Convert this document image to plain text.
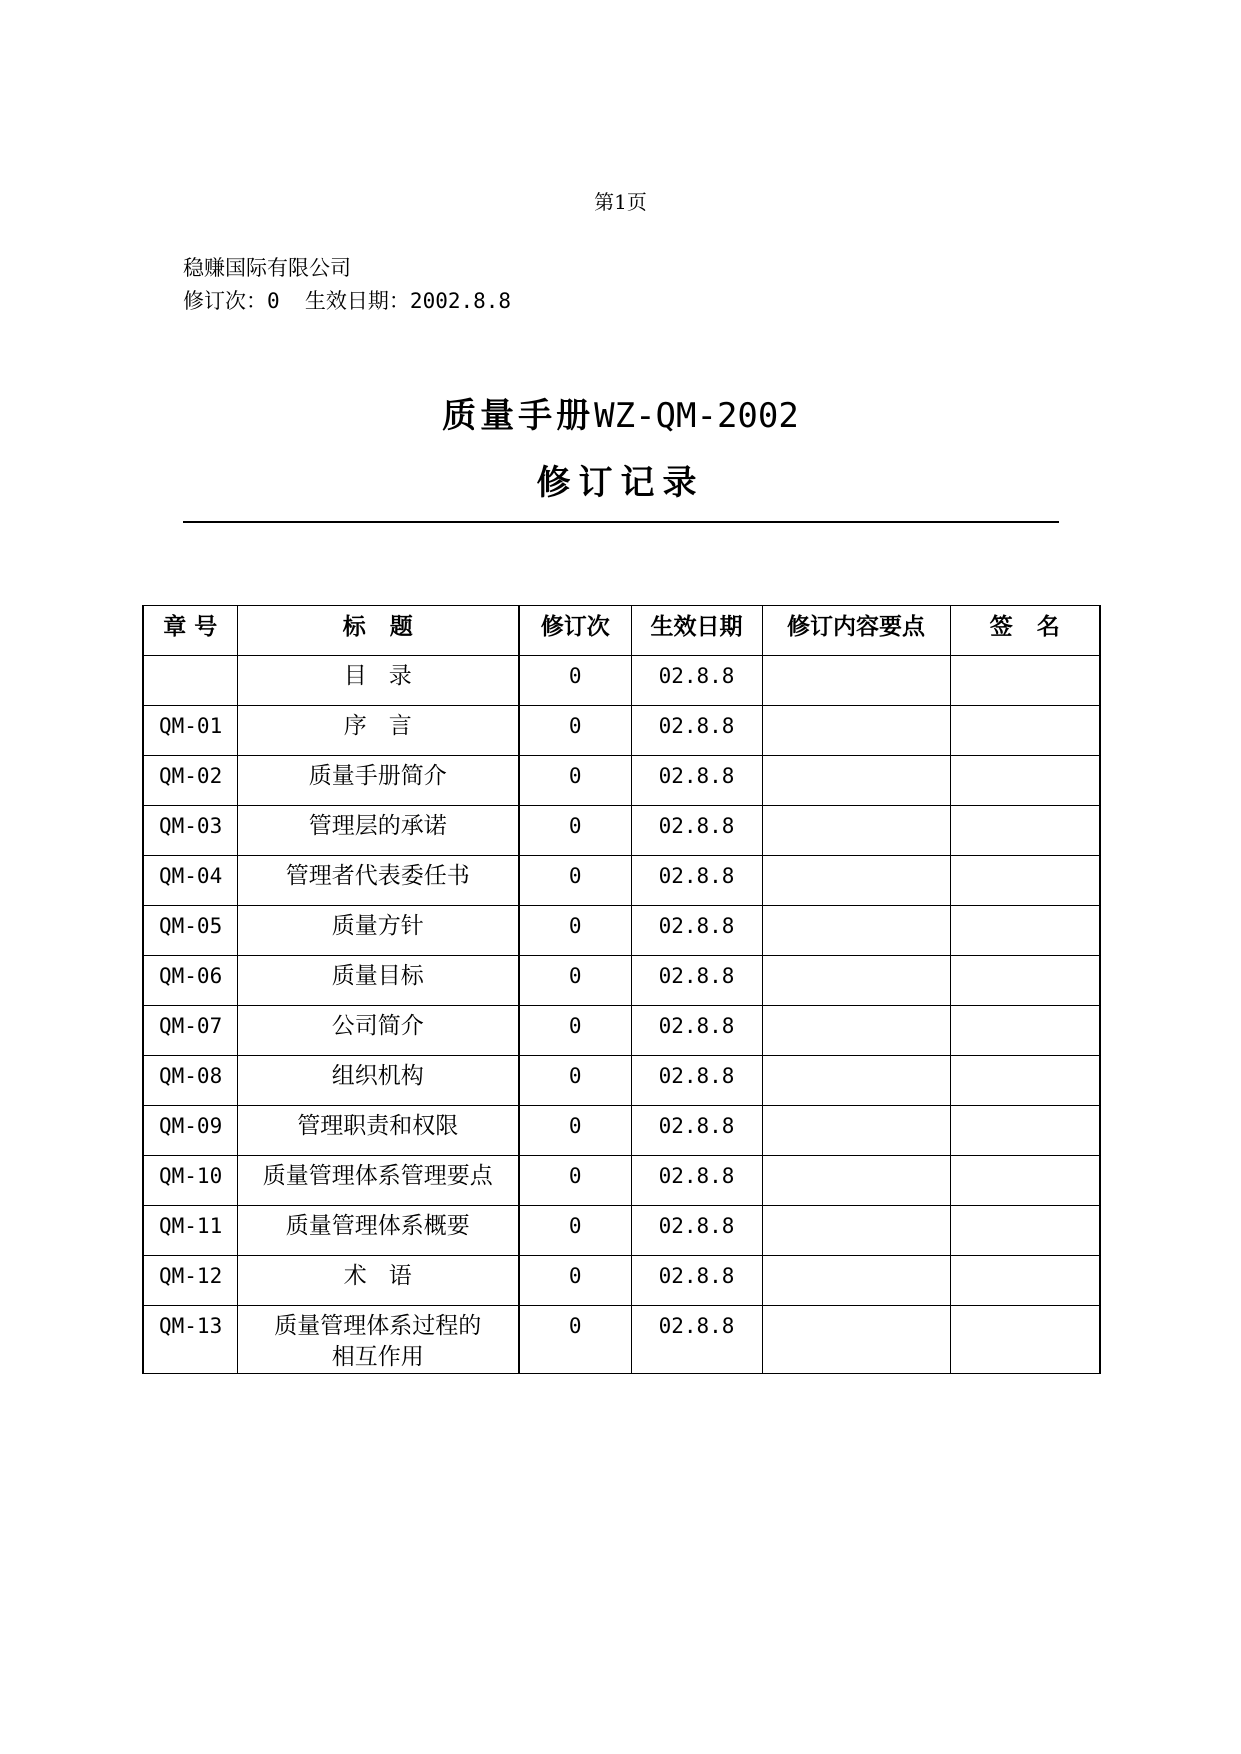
第1页
稳赚国际有限公司
修订次：0  生效日期：2002.8.8
质量手册WZ-QM-2002
修订记录
章 号	标   题	修订次	生效日期	修订内容要点	签   名

	目   录	0	02.8.8		
QM-01	序   言	0	02.8.8		
QM-02	质量手册简介	0	02.8.8		
QM-03	管理层的承诺	0	02.8.8		
QM-04	管理者代表委任书	0	02.8.8		
QM-05	质量方针	0	02.8.8		
QM-06	质量目标	0	02.8.8		
QM-07	公司简介	0	02.8.8		
QM-08	组织机构	0	02.8.8		
QM-09	管理职责和权限	0	02.8.8		
QM-10	质量管理体系管理要点	0	02.8.8		
QM-11	质量管理体系概要	0	02.8.8		
QM-12	术   语	0	02.8.8		
QM-13	质量管理体系过程的
相互作用	0	02.8.8		
